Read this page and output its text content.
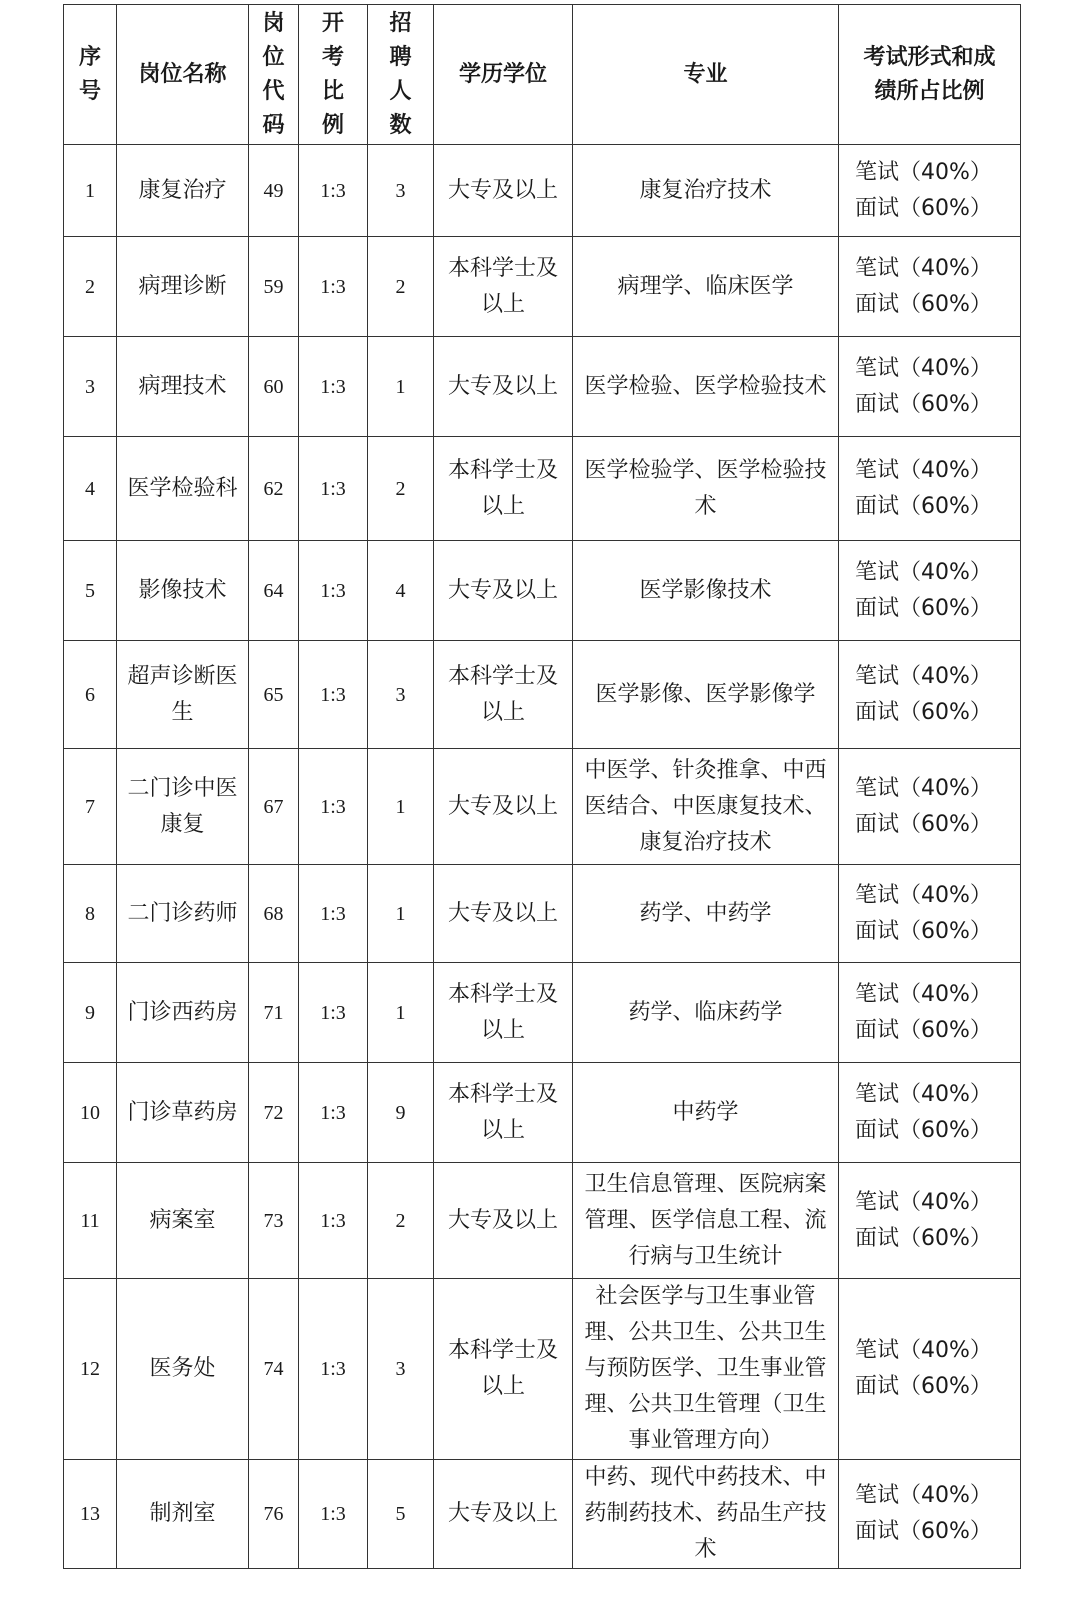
序号	岗位名称	岗位代码	开考比例	招聘人数	学历学位	专业	考试形式和成绩所占比例
1	康复治疗	49	1:3	3	大专及以上	康复治疗技术	笔试（40%）
面试（60%）

2	病理诊断	59	1:3	2	本科学士及以上	病理学、临床医学	笔试（40%）
面试（60%）

3	病理技术	60	1:3	1	大专及以上	医学检验、医学检验技术	笔试（40%）
面试（60%）

4	医学检验科	62	1:3	2	本科学士及以上	医学检验学、医学检验技术	笔试（40%）
面试（60%）

5	影像技术	64	1:3	4	大专及以上	医学影像技术	笔试（40%）
面试（60%）

6	超声诊断医生	65	1:3	3	本科学士及以上	医学影像、医学影像学	笔试（40%）
面试（60%）

7	二门诊中医康复	67	1:3	1	大专及以上	中医学、针灸推拿、中西医结合、中医康复技术、康复治疗技术	笔试（40%）
面试（60%）

8	二门诊药师	68	1:3	1	大专及以上	药学、中药学	笔试（40%）
面试（60%）

9	门诊西药房	71	1:3	1	本科学士及以上	药学、临床药学	笔试（40%）
面试（60%）

10	门诊草药房	72	1:3	9	本科学士及以上	中药学	笔试（40%）
面试（60%）

11	病案室	73	1:3	2	大专及以上	卫生信息管理、医院病案管理、医学信息工程、流行病与卫生统计	笔试（40%）
面试（60%）

12	医务处	74	1:3	3	本科学士及以上	社会医学与卫生事业管理、公共卫生、公共卫生与预防医学、卫生事业管理、公共卫生管理（卫生事业管理方向）	笔试（40%）
面试（60%）

13	制剂室	76	1:3	5	大专及以上	中药、现代中药技术、中药制药技术、药品生产技术	笔试（40%）
面试（60%）
